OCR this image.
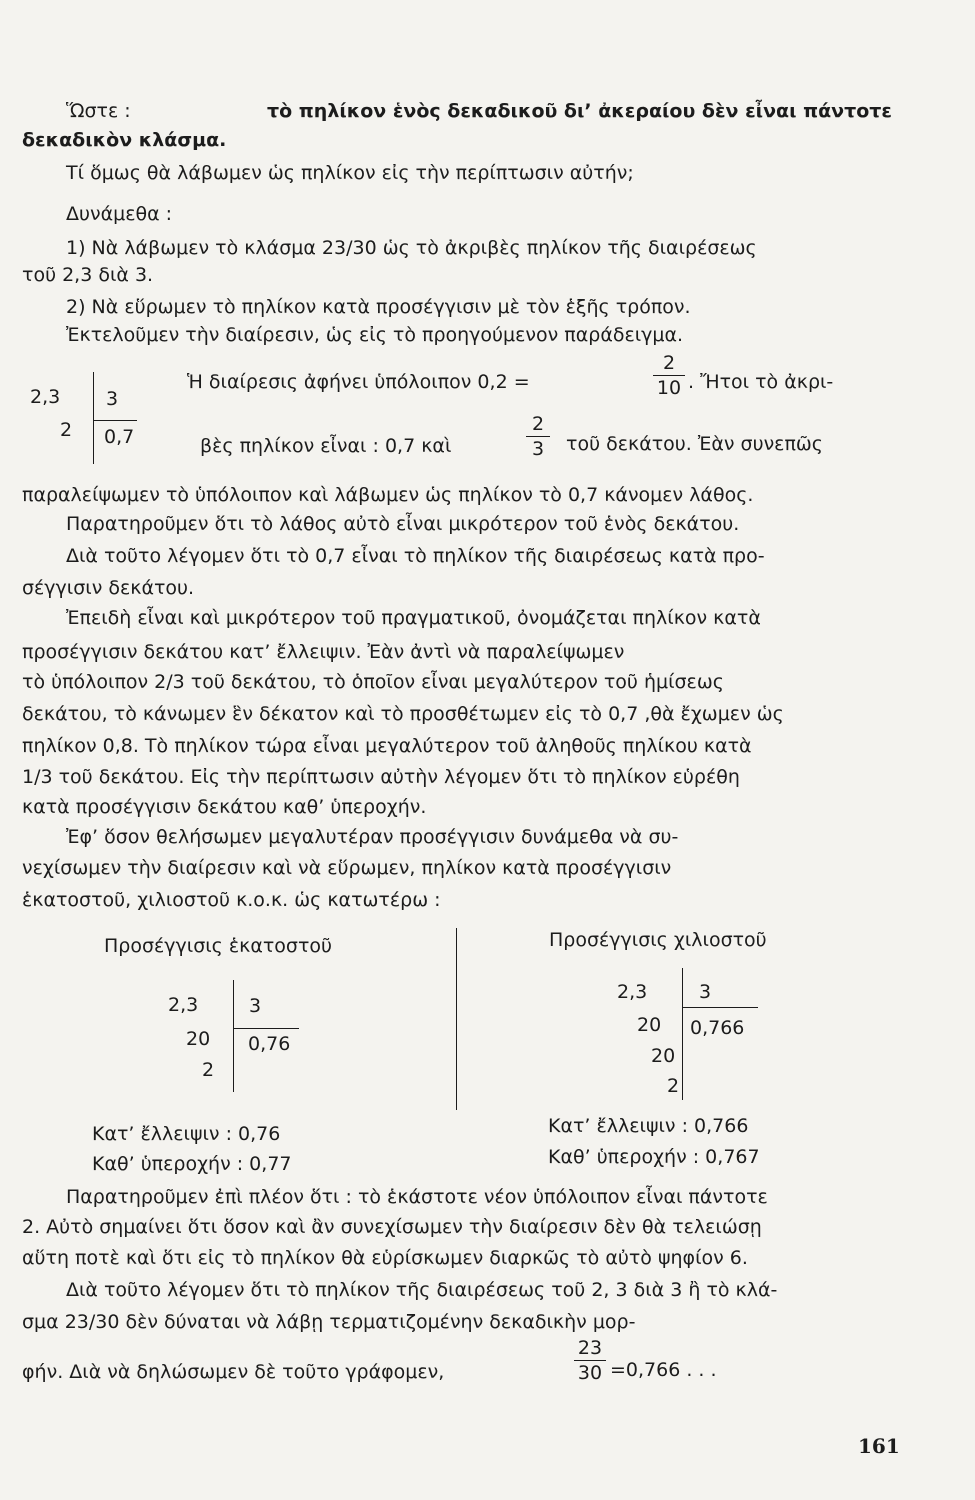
Ὥστε :	τὸ πηλίκον ἑνὸς δεκαδικοῦ δι’ ἀκεραίου δὲν εἶναι πάντοτε
δεκαδικὸν κλάσμα.
Τί ὅμως θὰ λάβωμεν ὡς πηλίκον εἰς τὴν περίπτωσιν αὐτήν;
Δυνάμεθα :
1) Νὰ λάβωμεν τὸ κλάσμα 23/30 ὡς τὸ ἀκριβὲς πηλίκον τῆς διαιρέσεως
τοῦ 2,3 διὰ 3.
2) Νὰ εὕρωμεν τὸ πηλίκον κατὰ προσέγγισιν μὲ τὸν ἑξῆς τρόπον.
Ἐκτελοῦμεν τὴν διαίρεσιν, ὡς εἰς τὸ προηγούμενον παράδειγμα.
2,3
2
3
0,7
Ἡ διαίρεσις ἀφήνει ὑπόλοιπον 0,2 =
2
10 . Ἤτοι τὸ ἀκρι-
βὲς πηλίκον εἶναι : 0,7 καὶ
2
3	τοῦ δεκάτου. Ἐὰν συνεπῶς
παραλείψωμεν τὸ ὑπόλοιπον καὶ λάβωμεν ὡς πηλίκον τὸ 0,7 κάνομεν λάθος.
Παρατηροῦμεν ὅτι τὸ λάθος αὐτὸ εἶναι μικρότερον τοῦ ἑνὸς δεκάτου.
Διὰ τοῦτο λέγομεν ὅτι τὸ 0,7 εἶναι τὸ πηλίκον τῆς διαιρέσεως κατὰ προ-
σέγγισιν δεκάτου.
Ἐπειδὴ εἶναι καὶ μικρότερον τοῦ πραγματικοῦ, ὀνομάζεται πηλίκον κατὰ
προσέγγισιν δεκάτου κατ’ ἔλλειψιν. Ἐὰν ἀντὶ νὰ παραλείψωμεν
τὸ ὑπόλοιπον 2/3 τοῦ δεκάτου, τὸ ὁποῖον εἶναι μεγαλύτερον τοῦ ἡμίσεως
δεκάτου, τὸ κάνωμεν ἓν δέκατον καὶ τὸ προσθέτωμεν εἰς τὸ 0,7 ,θὰ ἔχωμεν ὡς
πηλίκον 0,8. Τὸ πηλίκον τώρα εἶναι μεγαλύτερον τοῦ ἀληθοῦς πηλίκου κατὰ
1/3 τοῦ δεκάτου. Εἰς τὴν περίπτωσιν αὐτὴν λέγομεν ὅτι τὸ πηλίκον εὑρέθη
κατὰ προσέγγισιν δεκάτου καθ’ ὑπεροχήν.
Ἐφ’ ὅσον θελήσωμεν μεγαλυτέραν προσέγγισιν δυνάμεθα νὰ συ-
νεχίσωμεν τὴν διαίρεσιν καὶ νὰ εὕρωμεν, πηλίκον κατὰ προσέγγισιν
ἑκατοστοῦ, χιλιοστοῦ κ.ο.κ. ὡς κατωτέρω :
Προσέγγισις ἑκατοστοῦ	Προσέγγισις χιλιοστοῦ
2,3
20
2
3
0,76
2,3
20
20
2
3
0,766
Κατ’ ἔλλειψιν : 0,76
Καθ’ ὑπεροχήν : 0,77
Κατ’ ἔλλειψιν : 0,766
Καθ’ ὑπεροχήν : 0,767
Παρατηροῦμεν ἐπὶ πλέον ὅτι : τὸ ἑκάστοτε νέον ὑπόλοιπον εἶναι πάντοτε
2. Αὐτὸ σημαίνει ὅτι ὅσον καὶ ἂν συνεχίσωμεν τὴν διαίρεσιν δὲν θὰ τελειώσῃ
αὕτη ποτὲ καὶ ὅτι εἰς τὸ πηλίκον θὰ εὑρίσκωμεν διαρκῶς τὸ αὐτὸ ψηφίον 6.
Διὰ τοῦτο λέγομεν ὅτι τὸ πηλίκον τῆς διαιρέσεως τοῦ 2, 3 διὰ 3 ἢ τὸ κλά-
σμα 23/30 δὲν δύναται νὰ λάβῃ τερματιζομένην δεκαδικὴν μορ-
φήν. Διὰ νὰ δηλώσωμεν δὲ τοῦτο γράφομεν,
23
30 =0,766 . . .
161
